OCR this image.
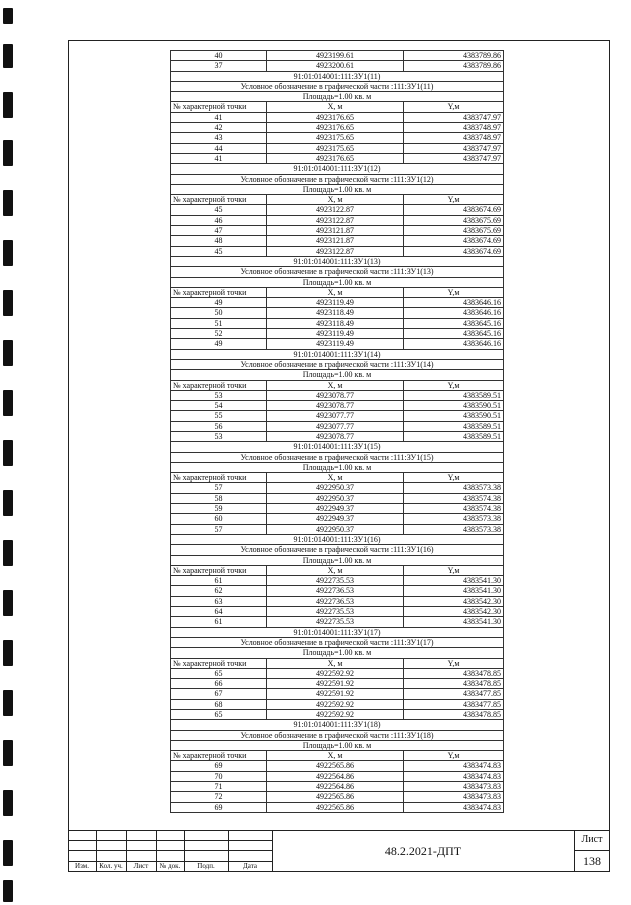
40	4923199.61	4383789.86
37	4923200.61	4383789.86
91:01:014001:111:ЗУ1(11)		
Условное обозначение в графической части :111:ЗУ1(11)		
Площадь=1.00 кв. м		
№ характерной точки	X, м	Y,м
41	4923176.65	4383747.97
42	4923176.65	4383748.97
43	4923175.65	4383748.97
44	4923175.65	4383747.97
41	4923176.65	4383747.97
91:01:014001:111:ЗУ1(12)		
Условное обозначение в графической части :111:ЗУ1(12)		
Площадь=1.00 кв. м		
№ характерной точки	X, м	Y,м
45	4923122.87	4383674.69
46	4923122.87	4383675.69
47	4923121.87	4383675.69
48	4923121.87	4383674.69
45	4923122.87	4383674.69
91:01:014001:111:ЗУ1(13)		
Условное обозначение в графической части :111:ЗУ1(13)		
Площадь=1.00 кв. м		
№ характерной точки	X, м	Y,м
49	4923119.49	4383646.16
50	4923118.49	4383646.16
51	4923118.49	4383645.16
52	4923119.49	4383645.16
49	4923119.49	4383646.16
91:01:014001:111:ЗУ1(14)		
Условное обозначение в графической части :111:ЗУ1(14)		
Площадь=1.00 кв. м		
№ характерной точки	X, м	Y,м
53	4923078.77	4383589.51
54	4923078.77	4383590.51
55	4923077.77	4383590.51
56	4923077.77	4383589.51
53	4923078.77	4383589.51
91:01:014001:111:ЗУ1(15)		
Условное обозначение в графической части :111:ЗУ1(15)		
Площадь=1.00 кв. м		
№ характерной точки	X, м	Y,м
57	4922950.37	4383573.38
58	4922950.37	4383574.38
59	4922949.37	4383574.38
60	4922949.37	4383573.38
57	4922950.37	4383573.38
91:01:014001:111:ЗУ1(16)		
Условное обозначение в графической части :111:ЗУ1(16)		
Площадь=1.00 кв. м		
№ характерной точки	X, м	Y,м
61	4922735.53	4383541.30
62	4922736.53	4383541.30
63	4922736.53	4383542.30
64	4922735.53	4383542.30
61	4922735.53	4383541.30
91:01:014001:111:ЗУ1(17)		
Условное обозначение в графической части :111:ЗУ1(17)		
Площадь=1.00 кв. м		
№ характерной точки	X, м	Y,м
65	4922592.92	4383478.85
66	4922591.92	4383478.85
67	4922591.92	4383477.85
68	4922592.92	4383477.85
65	4922592.92	4383478.85
91:01:014001:111:ЗУ1(18)		
Условное обозначение в графической части :111:ЗУ1(18)		
Площадь=1.00 кв. м		
№ характерной точки	X, м	Y,м
69	4922565.86	4383474.83
70	4922564.86	4383474.83
71	4922564.86	4383473.83
72	4922565.86	4383473.83
69	4922565.86	4383474.83
Изм.	Кол. уч.	Лист	№ док.	Подп.	Дата
48.2.2021-ДПТ
Лист
138
